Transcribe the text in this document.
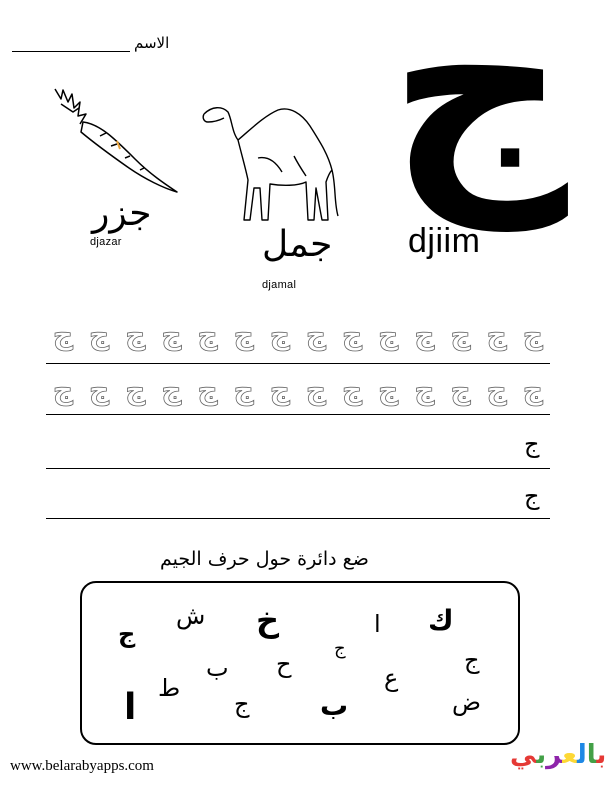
الاسم ج
djiim
جزر
djazar	جمل
djamal
ج ج ج ج ج ج ج ج ج ج ج ج ج ج
ج ج ج ج ج ج ج ج ج ج ج ج ج ج
ج
ج
ضع دائرة حول حرف الجيم
ك
ا
ج
خ
ش
ج
ج
ح
ب	ع
ط
ج	ب	ض
ا
www.belarabyapps.com	بالعربي
